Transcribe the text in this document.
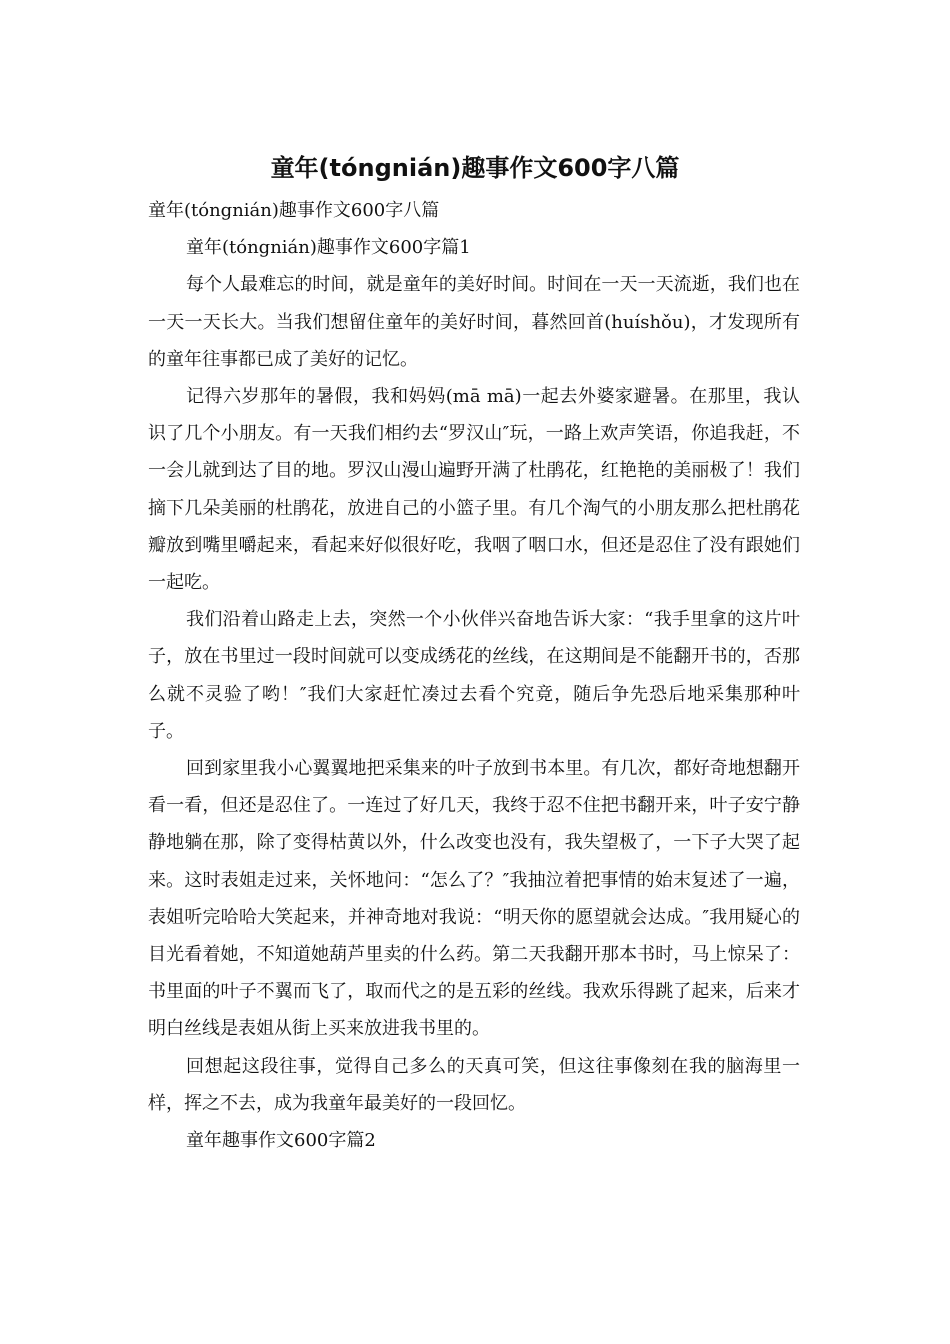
童年(tóngnián)趣事作文600字八篇

童年(tóngnián)趣事作文600字八篇

童年(tóngnián)趣事作文600字篇1

每个人最难忘的时间，就是童年的美好时间。时间在一天一天流逝，我们也在一天一天长大。当我们想留住童年的美好时间，暮然回首(huíshǒu)，才发现所有的童年往事都已成了美好的记忆。

记得六岁那年的暑假，我和妈妈(mā mā)一起去外婆家避暑。在那里，我认识了几个小朋友。有一天我们相约去“罗汉山″玩，一路上欢声笑语，你追我赶，不一会儿就到达了目的地。罗汉山漫山遍野开满了杜鹃花，红艳艳的美丽极了！我们摘下几朵美丽的杜鹃花，放进自己的小篮子里。有几个淘气的小朋友那么把杜鹃花瓣放到嘴里嚼起来，看起来好似很好吃，我咽了咽口水，但还是忍住了没有跟她们一起吃。

我们沿着山路走上去，突然一个小伙伴兴奋地告诉大家：“我手里拿的这片叶子，放在书里过一段时间就可以变成绣花的丝线，在这期间是不能翻开书的，否那么就不灵验了哟！″我们大家赶忙凑过去看个究竟，随后争先恐后地采集那种叶子。

回到家里我小心翼翼地把采集来的叶子放到书本里。有几次，都好奇地想翻开看一看，但还是忍住了。一连过了好几天，我终于忍不住把书翻开来，叶子安宁静静地躺在那，除了变得枯黄以外，什么改变也没有，我失望极了，一下子大哭了起来。这时表姐走过来，关怀地问：“怎么了？″我抽泣着把事情的始末复述了一遍，表姐听完哈哈大笑起来，并神奇地对我说：“明天你的愿望就会达成。″我用疑心的目光看着她，不知道她葫芦里卖的什么药。第二天我翻开那本书时，马上惊呆了：书里面的叶子不翼而飞了，取而代之的是五彩的丝线。我欢乐得跳了起来，后来才明白丝线是表姐从街上买来放进我书里的。

回想起这段往事，觉得自己多么的天真可笑，但这往事像刻在我的脑海里一样，挥之不去，成为我童年最美好的一段回忆。

童年趣事作文600字篇2
